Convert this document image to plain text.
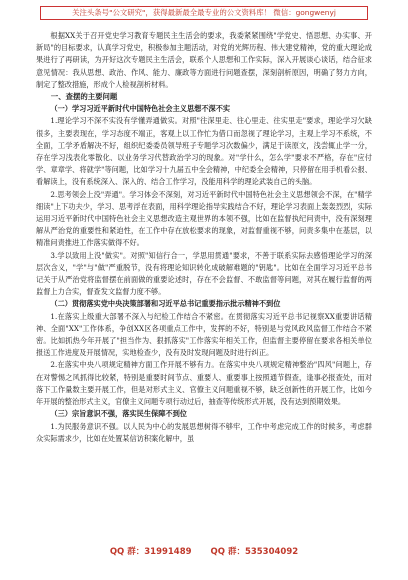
关注头条号"公文研究"，获得最新最全最专业的公文资料库！ 微信：gongwenyj

根据XX关于召开党史学习教育专题民主生活会的要求，我委紧紧围绕"学党史、悟思想、办实事、开新局"的目标要求，认真学习党史，积极参加主题活动，对党的光辉历程、伟大建党精神，党的重大理论成果进行了再研读，为开好这次专题民主生活会，联系个人思想和工作实际，深入开展谈心谈话，结合征求意见情况：我从思想、政治、作风、能力、廉政等方面进行问题查摆，深刻剖析原因，明确了努力方向，制定了整改措施，形成个人检视剖析材料。

一、查摆的主要问题

（一）学习习近平新时代中国特色社会主义思想不深不实

1.理论学习不深不实没有学懂弄通做实。对照"往深里走、往心里走、往实里走"要求，理论学习欠缺很多，主要表现在，学习态度不端正，客观上以工作忙为借口而忽视了理论学习，主观上学习不系统，不全面，工学矛盾解决不好，组织纪委委员领导班子专题学习次数偏少，满足于读原文，浅尝辄止学一分，存在学习浅表化零散化、以业务学习代替政治学习的现象。对"学什么，怎么学"要求不严格，存在"应付学、章章学、将就学"等问题，比如学习十九届五中全会精神，中纪委全会精神，只停留在用手机看公报、看解读上，没有系统深入、深入的、结合工作学习，没能用科学的理论武装自己的头脑。

2.思考领会上没"弄通"。学习体会不深刻，对习近平新时代中国特色社会主义思想领会不深，在"精学细读"上下功夫少，学习、思考浮在表面，用科学理论指导实践结合不好，理论学习表面上轰轰烈烈，实际运用习近平新时代中国特色社会主义思想改造主观世界的本领不强，比如在监督执纪问责中，没有深刻理解从严治党的重要性和紧迫性，在工作中存在放松要求的现象，对监督重视不够，问责多集中在基层，以精准问责推进工作落实做得不好。

3.学以致用上没"做实"。对照"知信行合一，学思用贯通"要求，不善于联系实际去感悟理论学习的深层次含义，"学"与"做"严重脱节，没有将理论知识转化成破解难题的"钥匙"。比如在全面学习习近平总书记关于从严治党将监督摆在前面做的重要论述时，存在不会监督、不敢监督等问题，对其在履行监督的两监督上力合实，督查发文监督力度不够。

（二）贯彻落实党中央决策部署和习近平总书记重要指示批示精神不到位

1.在落实上级重大部署不深入与纪检工作结合不紧密。在贯彻落实习近平总书记视察XX重要讲话精神、全面"XX"工作体系，争创XX区各项重点工作中，发挥的不好，特别是与党风政风监督工作结合不紧密。比如抓热今年开展了"担当作为、狠抓落实"工作落实年相关工作，但监督主要停留在要求各相关单位报送工作进度及开展情况，实地检查少，没有及时发现问题及时进行纠正。

2.在落实中央八项规定精神方面工作开展不够有力。在落实中央八项规定精神整治"四风"问题上，存在对警惕之风抓得比较紧，特别是重要时间节点、重要人、重要事上按照通节假查，逢事必报查处，而对落下工作量数主要开展工作，但是对形式主义、官僚主义问题重视不够，缺乏创新性的开展工作，比如今年开展的整治形式主义，官僚主义问题专项行动过后，抽查等传统形式开展，没有达到预期效果。

（三）宗旨意识不强，落实民生保障不到位

1.为民服务意识不强。以人民为中心的发展思想树得不够牢，工作中考虑完成工作的时候多，考虑群众实际需求少，比如在处置某信访积案化解中，虽

QQ 群：31991489 QQ 群：535304092
